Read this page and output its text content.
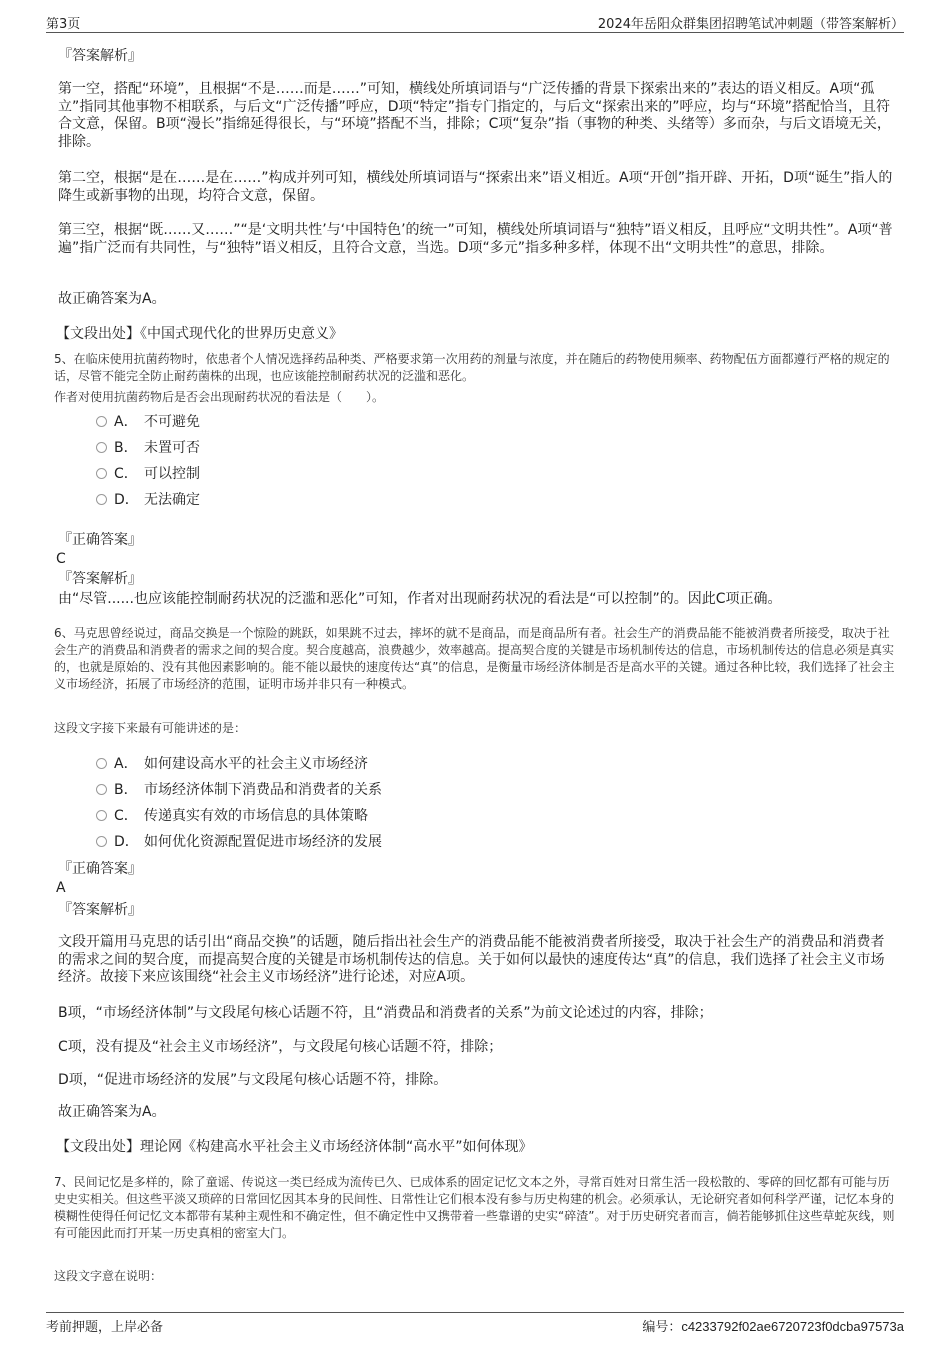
第3页	2024年岳阳众群集团招聘笔试冲刺题（带答案解析）

『答案解析』

第一空，搭配“环境”，且根据“不是……而是……”可知，横线处所填词语与“广泛传播的背景下探索出来的”表达的语义相反。A项“孤立”指同其他事物不相联系，与后文“广泛传播”呼应，D项“特定”指专门指定的，与后文“探索出来的”呼应，均与“环境”搭配恰当，且符合文意，保留。B项“漫长”指绵延得很长，与“环境”搭配不当，排除；C项“复杂”指（事物的种类、头绪等）多而杂，与后文语境无关，排除。

第二空，根据“是在……是在……”构成并列可知，横线处所填词语与“探索出来”语义相近。A项“开创”指开辟、开拓，D项“诞生”指人的降生或新事物的出现，均符合文意，保留。

第三空，根据“既……又……”“是‘文明共性’与‘中国特色’的统一”可知，横线处所填词语与“独特”语义相反，且呼应“文明共性”。A项“普遍”指广泛而有共同性，与“独特”语义相反，且符合文意，当选。D项“多元”指多种多样，体现不出“文明共性”的意思，排除。

故正确答案为A。

【文段出处】《中国式现代化的世界历史意义》

5、在临床使用抗菌药物时，依患者个人情况选择药品种类、严格要求第一次用药的剂量与浓度，并在随后的药物使用频率、药物配伍方面都遵行严格的规定的话，尽管不能完全防止耐药菌株的出现，也应该能控制耐药状况的泛滥和恶化。

作者对使用抗菌药物后是否会出现耐药状况的看法是（　　）。

A． 不可避免
B． 未置可否
C． 可以控制
D． 无法确定

『正确答案』

C

『答案解析』

由“尽管......也应该能控制耐药状况的泛滥和恶化”可知，作者对出现耐药状况的看法是“可以控制”的。因此C项正确。

6、马克思曾经说过，商品交换是一个惊险的跳跃，如果跳不过去，摔坏的就不是商品，而是商品所有者。社会生产的消费品能不能被消费者所接受，取决于社会生产的消费品和消费者的需求之间的契合度。契合度越高，浪费越少，效率越高。提高契合度的关键是市场机制传达的信息，市场机制传达的信息必须是真实的，也就是原始的、没有其他因素影响的。能不能以最快的速度传达“真”的信息，是衡量市场经济体制是否是高水平的关键。通过各种比较，我们选择了社会主义市场经济，拓展了市场经济的范围，证明市场并非只有一种模式。

这段文字接下来最有可能讲述的是：

A． 如何建设高水平的社会主义市场经济
B． 市场经济体制下消费品和消费者的关系
C． 传递真实有效的市场信息的具体策略
D． 如何优化资源配置促进市场经济的发展

『正确答案』

A

『答案解析』

文段开篇用马克思的话引出“商品交换”的话题，随后指出社会生产的消费品能不能被消费者所接受，取决于社会生产的消费品和消费者的需求之间的契合度，而提高契合度的关键是市场机制传达的信息。关于如何以最快的速度传达“真”的信息，我们选择了社会主义市场经济。故接下来应该围绕“社会主义市场经济”进行论述，对应A项。

B项，“市场经济体制”与文段尾句核心话题不符，且“消费品和消费者的关系”为前文论述过的内容，排除；

C项，没有提及“社会主义市场经济”，与文段尾句核心话题不符，排除；

D项，“促进市场经济的发展”与文段尾句核心话题不符，排除。

故正确答案为A。

【文段出处】理论网《构建高水平社会主义市场经济体制“高水平”如何体现》

7、民间记忆是多样的，除了童谣、传说这一类已经成为流传已久、已成体系的固定记忆文本之外，寻常百姓对日常生活一段松散的、零碎的回忆都有可能与历史史实相关。但这些平淡又琐碎的日常回忆因其本身的民间性、日常性让它们根本没有参与历史构建的机会。必须承认，无论研究者如何科学严谨，记忆本身的模糊性使得任何记忆文本都带有某种主观性和不确定性，但不确定性中又携带着一些靠谱的史实“碎渣”。对于历史研究者而言，倘若能够抓住这些草蛇灰线，则有可能因此而打开某一历史真相的密室大门。

这段文字意在说明：

考前押题，上岸必备	编号：c4233792f02ae6720723f0dcba97573a
